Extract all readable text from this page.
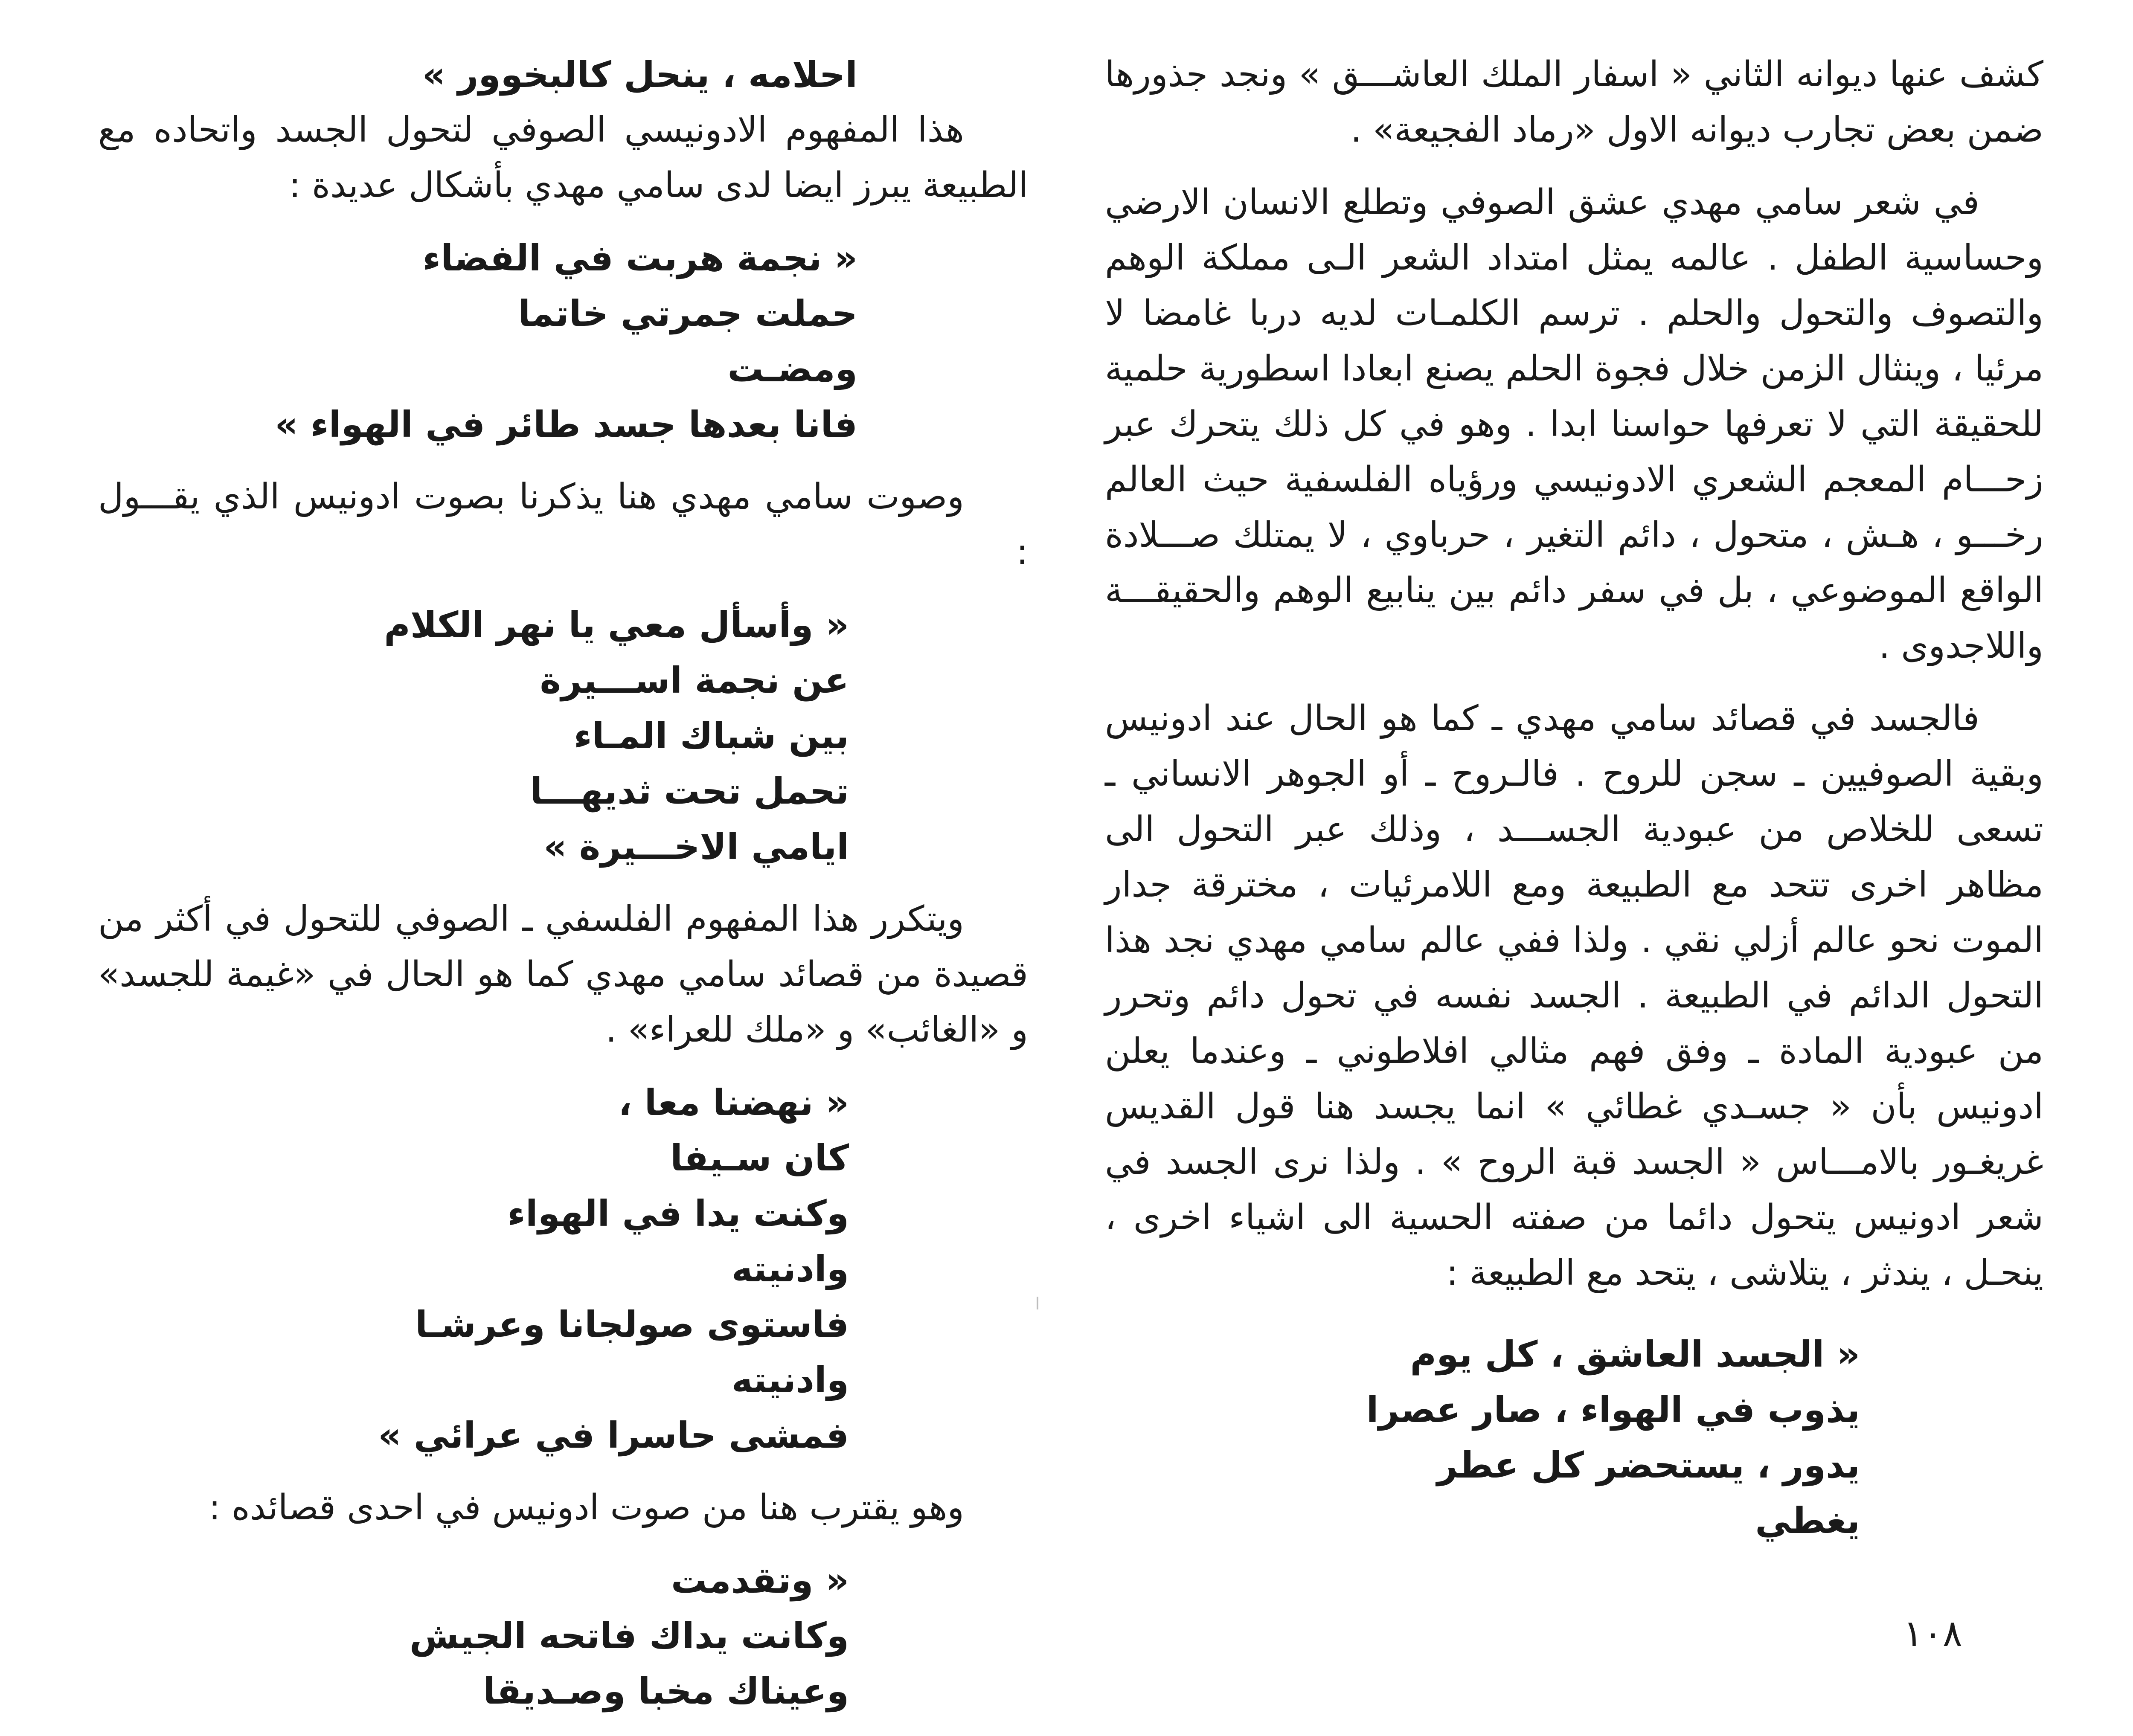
كشف عنها ديوانه الثاني « اسفار الملك العاشـــق » ونجد جذورها ضمن بعض تجارب ديوانه الاول «رماد الفجيعة» .

في شعر سامي مهدي عشق الصوفي وتطلع الانسان الارضي وحساسية الطفل . عالمه يمثل امتداد الشعر الـى مملكة الوهم والتصوف والتحول والحلم . ترسم الكلمـات لديه دربا غامضا لا مرئيا ، وينثال الزمن خلال فجوة الحلم يصنع ابعادا اسطورية حلمية للحقيقة التي لا تعرفها حواسنا ابدا . وهو في كل ذلك يتحرك عبر زحـــام المعجم الشعري الادونيسي ورؤياه الفلسفية حيث العالم رخـــو ، هـش ، متحول ، دائم التغير ، حرباوي ، لا يمتلك صـــلادة الواقع الموضوعي ، بل في سفر دائم بين ينابيع الوهم والحقيقـــة واللاجدوى .

فالجسد في قصائد سامي مهدي ـ كما هو الحال عند ادونيس وبقية الصوفيين ـ سجن للروح . فالـروح ـ أو الجوهر الانساني ـ تسعى للخلاص من عبودية الجســـد ، وذلك عبر التحول الى مظاهر اخرى تتحد مع الطبيعة ومع اللامرئيات ، مخترقة جدار الموت نحو عالم أزلي نقي . ولذا ففي عالم سامي مهدي نجد هذا التحول الدائم في الطبيعة . الجسد نفسه في تحول دائم وتحرر من عبودية المادة ـ وفق فهم مثالي افلاطوني ـ وعندما يعلن ادونيس بأن « جسـدي غطائي » انما يجسد هنا قول القديس غريغـور بالامـــاس « الجسد قبة الروح » . ولذا نرى الجسد في شعر ادونيس يتحول دائما من صفته الحسية الى اشياء اخرى ، ينحـل ، يندثر ، يتلاشى ، يتحد مع الطبيعة :

« الجسد العاشق ، كل يوم
يذوب في الهواء ، صار عصرا
يدور ، يستحضر كل عطر
يغطي
احلامه ، ينحل كالبخوور »

هذا المفهوم الادونيسي الصوفي لتحول الجسد واتحاده مع الطبيعة يبرز ايضا لدى سامي مهدي بأشكال عديدة :

« نجمة هربت في الفضاء
حملت جمرتي خاتما
ومضـت
فانا بعدها جسد طائر في الهواء »

وصوت سامي مهدي هنا يذكرنا بصوت ادونيس الذي يقـــول :

« وأسأل معي يا نهر الكلام
عن نجمة اســـيرة
بين شباك المـاء
تحمل تحت ثديهـــا
ايامي الاخـــيرة »

ويتكرر هذا المفهوم الفلسفي ـ الصوفي للتحول في أكثر من قصيدة من قصائد سامي مهدي كما هو الحال في «غيمة للجسد» و «الغائب» و «ملك للعراء» .

« نهضنا معا ،
كان سـيفا
وكنت يدا في الهواء
وادنيته
فاستوى صولجانا وعرشـا
وادنيته
فمشى حاسرا في عرائي »

وهو يقترب هنا من صوت ادونيس في احدى قصائده :

« وتقدمت
وكانت يداك فاتحه الجيش
وعيناك مخبا وصـديقا
١٠٨
